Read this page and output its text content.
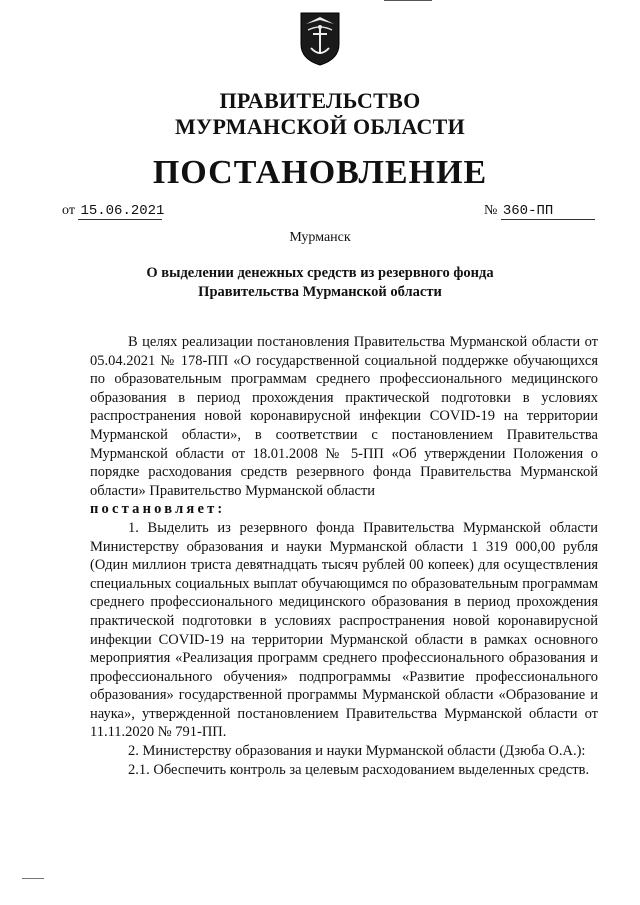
ПРАВИТЕЛЬСТВО
МУРМАНСКОЙ ОБЛАСТИ
ПОСТАНОВЛЕНИЕ
от 15.06.2021	№ 360-ПП
Мурманск
О выделении денежных средств из резервного фонда
Правительства Мурманской области

В целях реализации постановления Правительства Мурманской области от 05.04.2021 № 178-ПП «О государственной социальной поддержке обучающихся по образовательным программам среднего профессионального медицинского образования в период прохождения практической подготовки в условиях распространения новой коронавирусной инфекции COVID-19 на территории Мурманской области», в соответствии с постановлением Правительства Мурманской области от 18.01.2008 № 5-ПП «Об утверждении Положения о порядке расходования средств резервного фонда Правительства Мурманской области» Правительство Мурманской области

постановляет:

1. Выделить из резервного фонда Правительства Мурманской области Министерству образования и науки Мурманской области 1 319 000,00 рубля (Один миллион триста девятнадцать тысяч рублей 00 копеек) для осуществления специальных социальных выплат обучающимся по образовательным программам среднего профессионального медицинского образования в период прохождения практической подготовки в условиях распространения новой коронавирусной инфекции COVID-19 на территории Мурманской области в рамках основного мероприятия «Реализация программ среднего профессионального образования и профессионального обучения» подпрограммы «Развитие профессионального образования» государственной программы Мурманской области «Образование и наука», утвержденной постановлением Правительства Мурманской области от 11.11.2020 № 791-ПП.

2. Министерству образования и науки Мурманской области (Дзюба О.А.):

2.1. Обеспечить контроль за целевым расходованием выделенных средств.
